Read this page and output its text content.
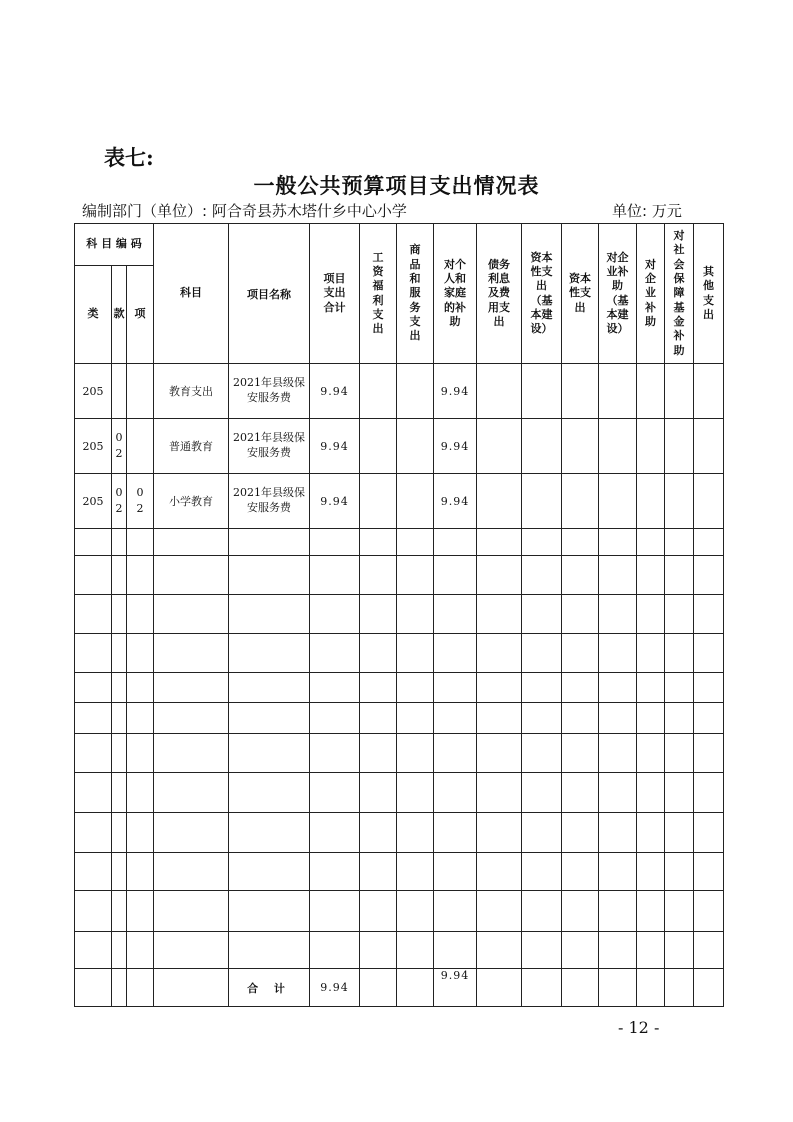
表七:
一般公共预算项目支出情况表
编制部门（单位）: 阿合奇县苏木塔什乡中心小学	单位: 万元
科 目 编 码			科目	项目名称	项目支出合计	工资福利支出	商品和服务支出	对个人和家庭的补助	债务利息及费用支出	资本性支出（基本建设）	资本性支出	对企业补助（基本建设）	对企业补助	对社会保障基金补助	其他支出
类	款	项													
205			教育支出	2021年县级保安服务费	9.94			9.94							
205	02		普通教育	2021年县级保安服务费	9.94			9.94							
205	02	02	小学教育	2021年县级保安服务费	9.94			9.94							

				合 计	9.94			9.94							
- 12 -
